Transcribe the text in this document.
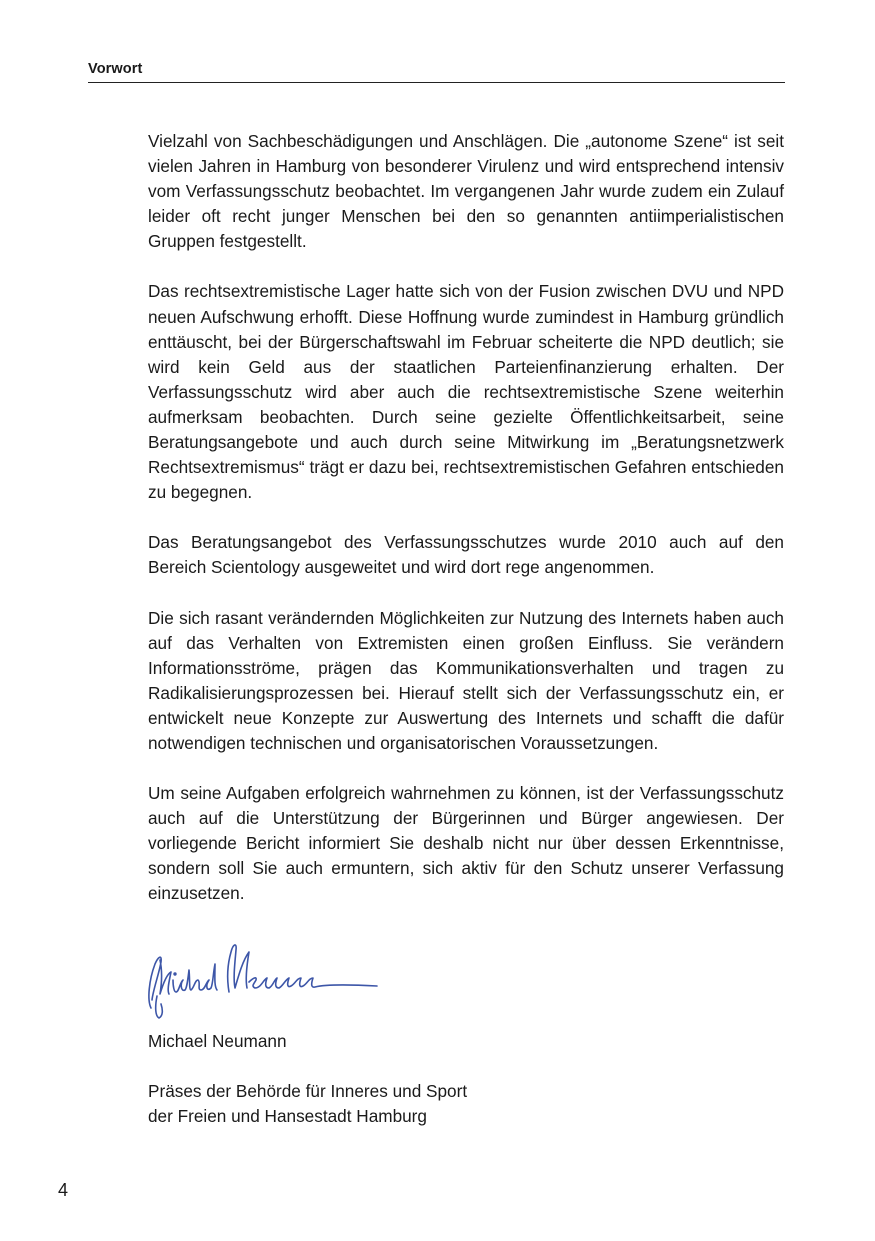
Vorwort

Vielzahl von Sachbeschädigungen und Anschlägen. Die „autonome Szene“ ist seit vielen Jahren in Hamburg von besonderer Virulenz und wird entsprechend intensiv vom Verfassungsschutz beobachtet. Im vergangenen Jahr wurde zudem ein Zulauf leider oft recht junger Menschen bei den so genannten antiimperialistischen Gruppen festgestellt.

Das rechtsextremistische Lager hatte sich von der Fusion zwischen DVU und NPD neuen Aufschwung erhofft. Diese Hoffnung wurde zumindest in Hamburg gründlich enttäuscht, bei der Bürgerschaftswahl im Februar scheiterte die NPD deutlich; sie wird kein Geld aus der staatlichen Parteienfinanzierung erhalten. Der Verfassungsschutz wird aber auch die rechtsextremistische Szene weiterhin aufmerksam beobachten. Durch seine gezielte Öffentlichkeitsarbeit, seine Beratungsangebote und auch durch seine Mitwirkung im „Beratungsnetzwerk Rechtsextremismus“ trägt er dazu bei, rechtsextremistischen Gefahren entschieden zu begegnen.

Das Beratungsangebot des Verfassungsschutzes wurde 2010 auch auf den Bereich Scientology ausgeweitet und wird dort rege angenommen.

Die sich rasant verändernden Möglichkeiten zur Nutzung des Internets haben auch auf das Verhalten von Extremisten einen großen Einfluss. Sie verändern Informationsströme, prägen das Kommunikationsverhalten und tragen zu Radikalisierungsprozessen bei. Hierauf stellt sich der Verfassungsschutz ein, er entwickelt neue Konzepte zur Auswertung des Internets und schafft die dafür notwendigen technischen und organisatorischen Voraussetzungen.

Um seine Aufgaben erfolgreich wahrnehmen zu können, ist der Verfassungsschutz auch auf die Unterstützung der Bürgerinnen und Bürger angewiesen. Der vorliegende Bericht informiert Sie deshalb nicht nur über dessen Erkenntnisse, sondern soll Sie auch ermuntern, sich aktiv für den Schutz unserer Verfassung einzusetzen.

Michael Neumann
Präses der Behörde für Inneres und Sport
der Freien und Hansestadt Hamburg
4
